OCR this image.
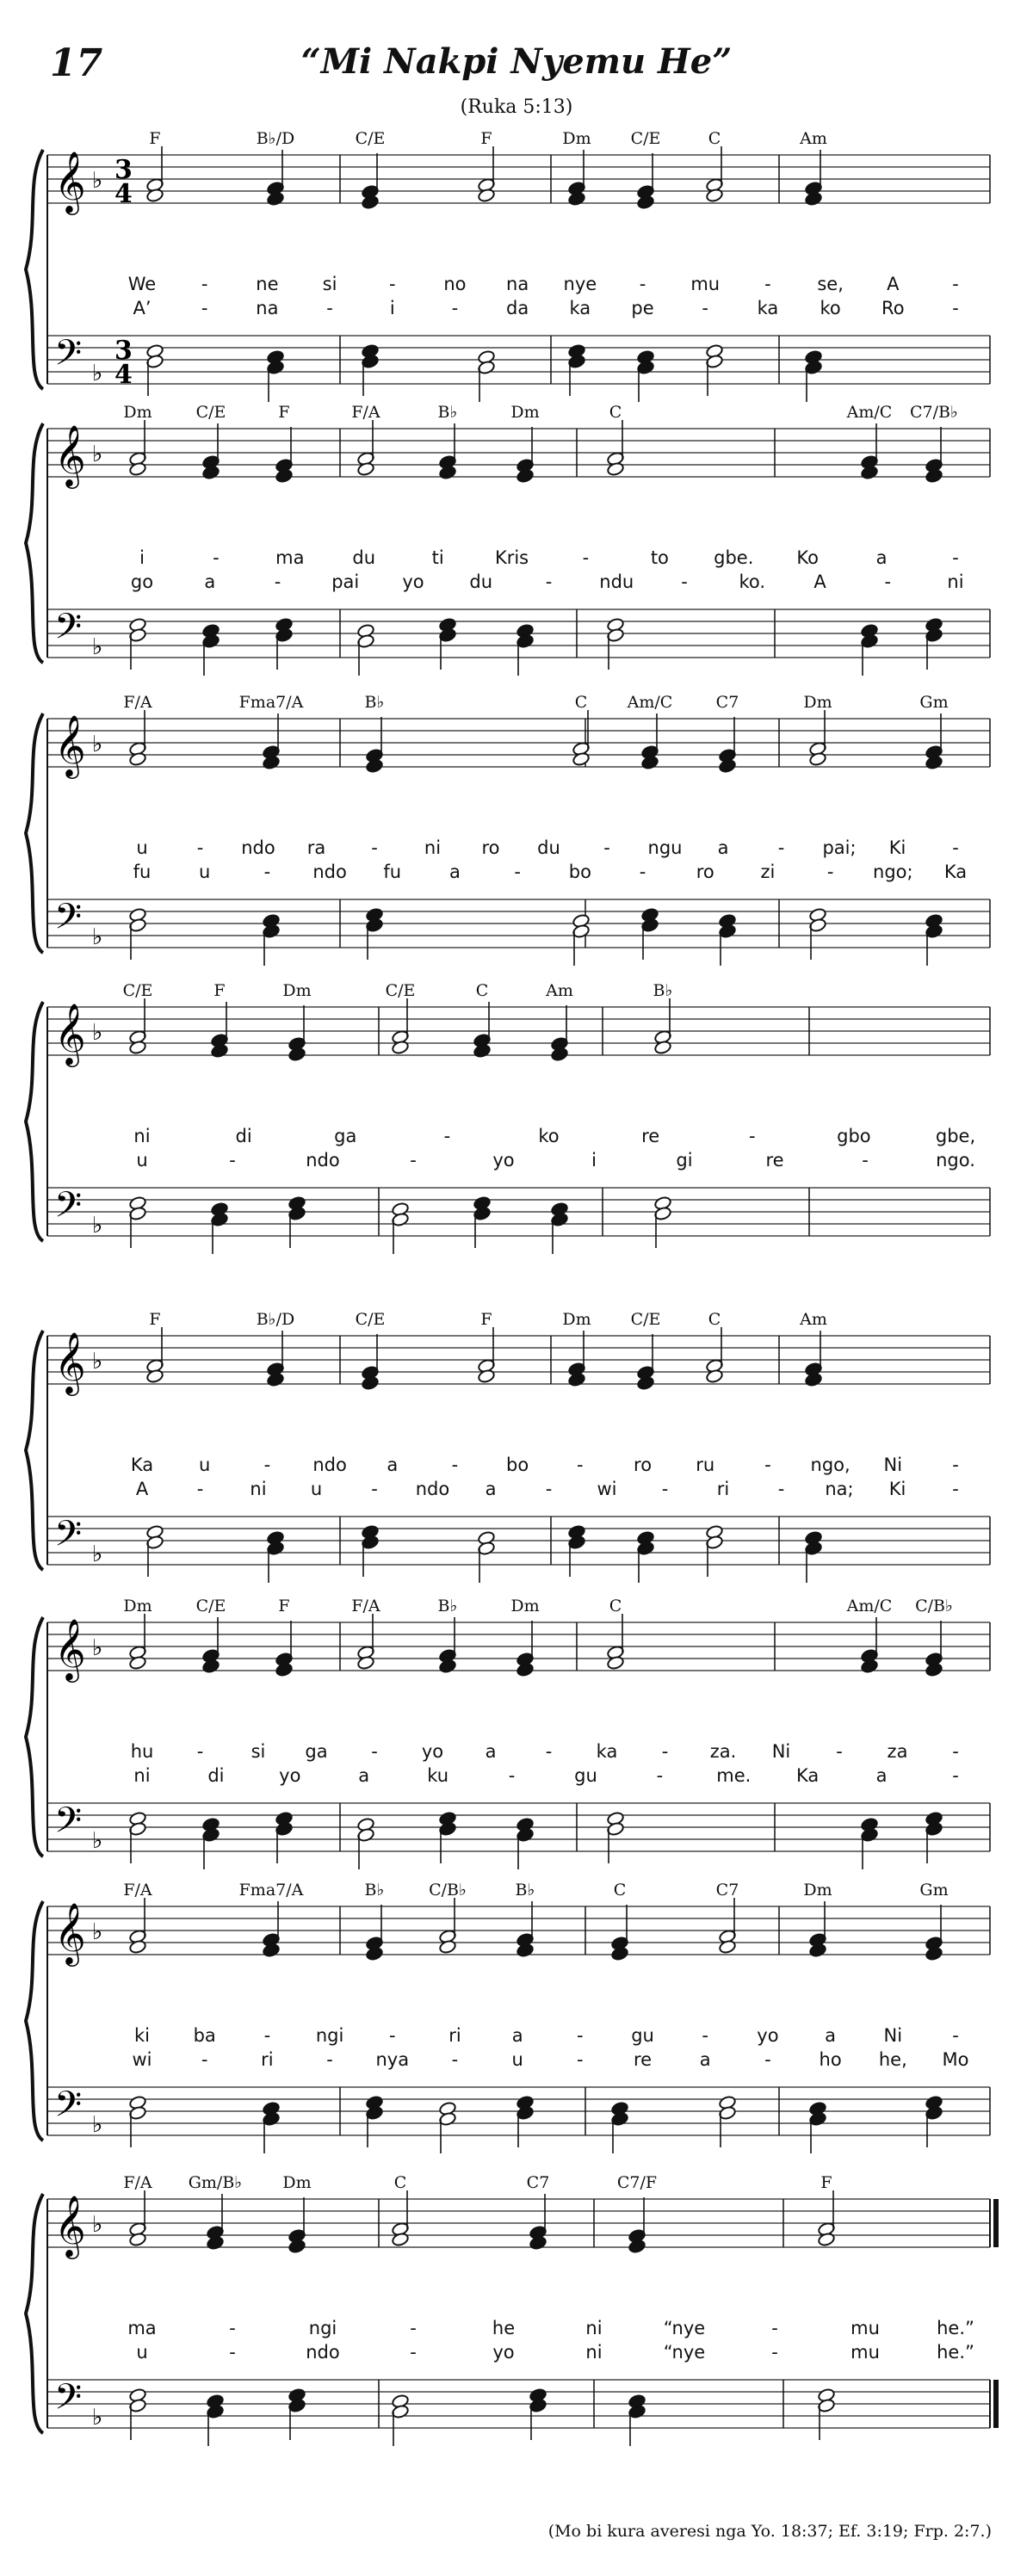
17	“Mi Nakpi Nyemu He”
(Ruka 5:13)
𝄞
𝄢
♭
♭
3
4
3
4
F	B♭/D	C/E	F	Dm C/E	C	Am
We	-	ne si	-	no na nye - mu -	se, A	-
A’	-	na	-	i	-	da ka pe	-	ka ko Ro	-
𝄞
𝄢
♭
♭
Dm	C/E	F	F/A	B♭	Dm	C	Am/C C7/B♭
i	-	ma	du	ti	Kris	-	to gbe. Ko	a	-
go	a	-	pai yo	du	-	ndu	-	ko.	A	-	ni
𝄞
𝄢
♭
♭
F/A	Fma7/A	B♭	C Am/C	C7	Dm	Gm
u	- ndo ra	-	ni ro du - ngu a	- pai; Ki	-
fu	u	- ndo fu	a	-	bo	-	ro	zi	- ngo; Ka
𝄞
𝄢
♭
♭
C/E	F	Dm	C/E	C	Am	B♭
ni	di	ga	-	ko	re	-	gbo	gbe,
u	-	ndo	-	yo	i	gi	re	-	ngo.
𝄞
𝄢
♭
♭
F	B♭/D	C/E	F	Dm C/E	C	Am
Ka	u	- ndo a	-	bo	-	ro ru	- ngo, Ni	-
A	-	ni u	- ndo a	- wi -	ri	- na; Ki	-
𝄞
𝄢
♭
♭
Dm	C/E	F	F/A	B♭	Dm	C	Am/C C/B♭
hu -	si ga - yo a	- ka - za. Ni	- za -
ni	di	yo	a	ku	-	gu	-	me.	Ka	a	-
𝄞
𝄢
♭
♭
F/A	Fma7/A	B♭	C/B♭	B♭	C	C7	Dm	Gm
ki ba	-	ngi	-	ri	a	-	gu	-	yo	a	Ni	-
wi	-	ri	- nya -	u	-	re	a	-	ho he, Mo
𝄞
𝄢
♭
♭
F/A Gm/B♭ Dm	C	C7	C7/F	F
ma	-	ngi	-	he	ni	“nye	-	mu	he.”
u	-	ndo	-	yo	ni	“nye	-	mu	he.”
(Mo bi kura averesi nga Yo. 18:37; Ef. 3:19; Frp. 2:7.)
